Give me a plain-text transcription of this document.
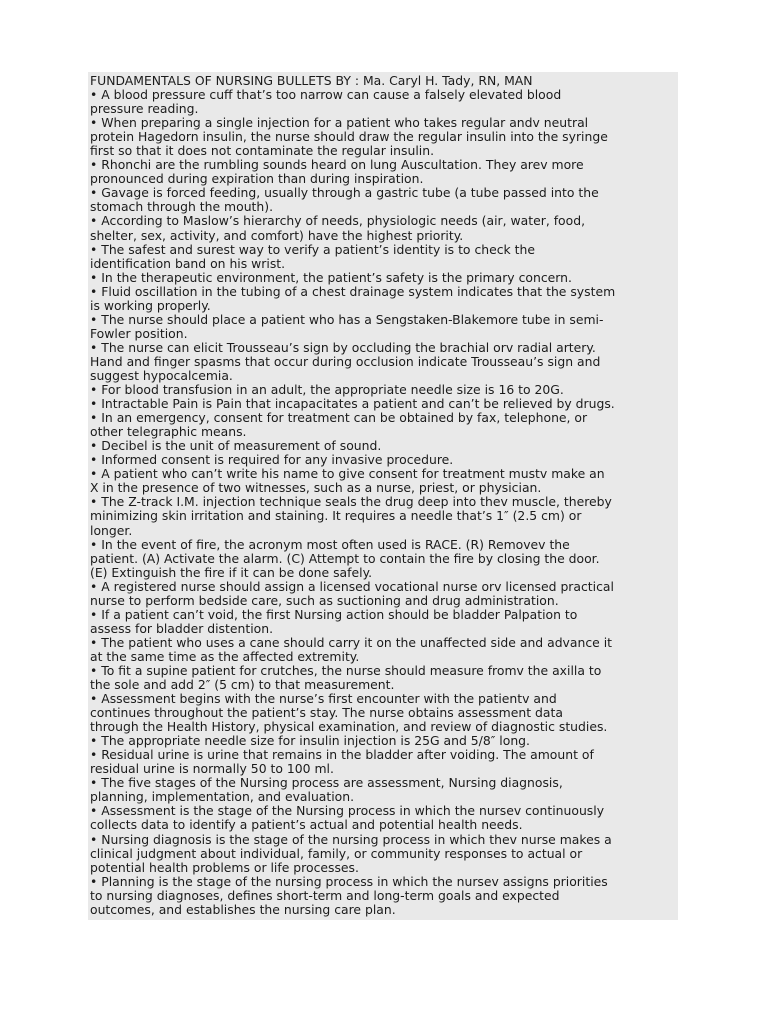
FUNDAMENTALS OF NURSING BULLETS BY : Ma. Caryl H. Tady, RN, MAN
• A blood pressure cuff that’s too narrow can cause a falsely elevated blood
pressure reading.
• When preparing a single injection for a patient who takes regular andv neutral
protein Hagedorn insulin, the nurse should draw the regular insulin into the syringe
first so that it does not contaminate the regular insulin.
• Rhonchi are the rumbling sounds heard on lung Auscultation. They arev more
pronounced during expiration than during inspiration.
• Gavage is forced feeding, usually through a gastric tube (a tube passed into the
stomach through the mouth).
• According to Maslow’s hierarchy of needs, physiologic needs (air, water, food,
shelter, sex, activity, and comfort) have the highest priority.
• The safest and surest way to verify a patient’s identity is to check the
identification band on his wrist.
• In the therapeutic environment, the patient’s safety is the primary concern.
• Fluid oscillation in the tubing of a chest drainage system indicates that the system
is working properly.
• The nurse should place a patient who has a Sengstaken-Blakemore tube in semi-
Fowler position.
• The nurse can elicit Trousseau’s sign by occluding the brachial orv radial artery.
Hand and finger spasms that occur during occlusion indicate Trousseau’s sign and
suggest hypocalcemia.
• For blood transfusion in an adult, the appropriate needle size is 16 to 20G.
• Intractable Pain is Pain that incapacitates a patient and can’t be relieved by drugs.
• In an emergency, consent for treatment can be obtained by fax, telephone, or
other telegraphic means.
• Decibel is the unit of measurement of sound.
• Informed consent is required for any invasive procedure.
• A patient who can’t write his name to give consent for treatment mustv make an
X in the presence of two witnesses, such as a nurse, priest, or physician.
• The Z-track I.M. injection technique seals the drug deep into thev muscle, thereby
minimizing skin irritation and staining. It requires a needle that’s 1″ (2.5 cm) or
longer.
• In the event of fire, the acronym most often used is RACE. (R) Removev the
patient. (A) Activate the alarm. (C) Attempt to contain the fire by closing the door.
(E) Extinguish the fire if it can be done safely.
• A registered nurse should assign a licensed vocational nurse orv licensed practical
nurse to perform bedside care, such as suctioning and drug administration.
• If a patient can’t void, the first Nursing action should be bladder Palpation to
assess for bladder distention.
• The patient who uses a cane should carry it on the unaffected side and advance it
at the same time as the affected extremity.
• To fit a supine patient for crutches, the nurse should measure fromv the axilla to
the sole and add 2″ (5 cm) to that measurement.
• Assessment begins with the nurse’s first encounter with the patientv and
continues throughout the patient’s stay. The nurse obtains assessment data
through the Health History, physical examination, and review of diagnostic studies.
• The appropriate needle size for insulin injection is 25G and 5/8″ long.
• Residual urine is urine that remains in the bladder after voiding. The amount of
residual urine is normally 50 to 100 ml.
• The five stages of the Nursing process are assessment, Nursing diagnosis,
planning, implementation, and evaluation.
• Assessment is the stage of the Nursing process in which the nursev continuously
collects data to identify a patient’s actual and potential health needs.
• Nursing diagnosis is the stage of the nursing process in which thev nurse makes a
clinical judgment about individual, family, or community responses to actual or
potential health problems or life processes.
• Planning is the stage of the nursing process in which the nursev assigns priorities
to nursing diagnoses, defines short-term and long-term goals and expected
outcomes, and establishes the nursing care plan.
